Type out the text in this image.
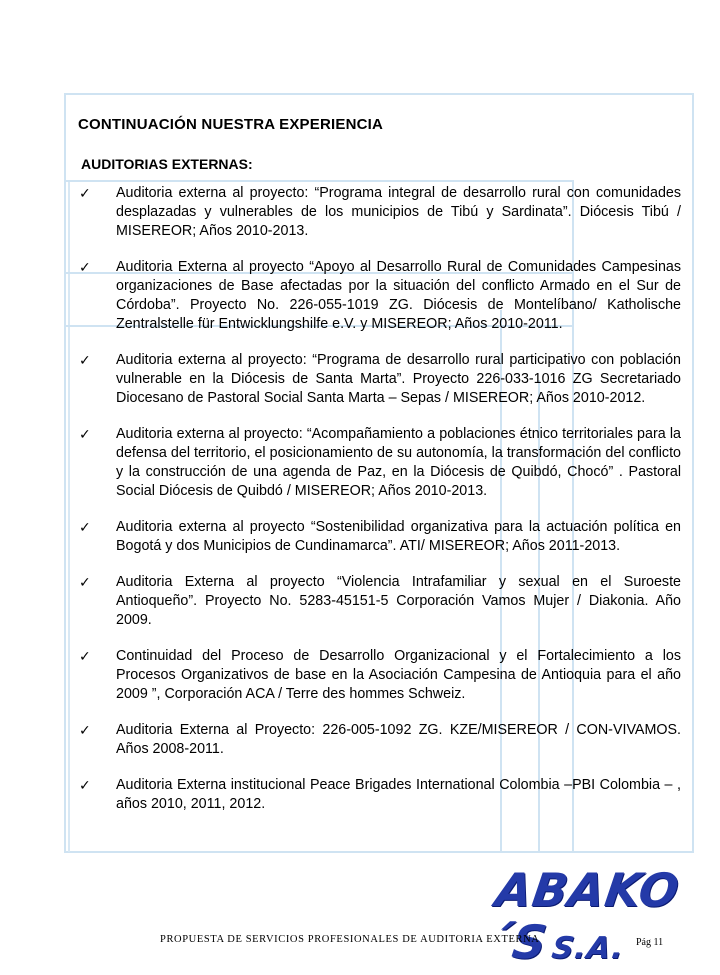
CONTINUACIÓN NUESTRA EXPERIENCIA
AUDITORIAS EXTERNAS:
✓	Auditoria externa al proyecto: “Programa integral de desarrollo rural con comunidades desplazadas y vulnerables de los municipios de Tibú y Sardinata”. Diócesis Tibú / MISEREOR; Años 2010-2013.
✓	Auditoria Externa al proyecto “Apoyo al Desarrollo Rural de Comunidades Campesinas organizaciones de Base afectadas por la situación del conflicto Armado en el Sur de Córdoba”. Proyecto No. 226-055-1019 ZG. Diócesis de Montelíbano/ Katholische Zentralstelle für Entwicklungshilfe e.V. y MISEREOR; Años 2010-2011.
✓	Auditoria externa al proyecto: “Programa de desarrollo rural participativo con población vulnerable en la Diócesis de Santa Marta”. Proyecto 226-033-1016 ZG Secretariado Diocesano de Pastoral Social Santa Marta – Sepas / MISEREOR; Años 2010-2012.
✓	Auditoria externa al proyecto: “Acompañamiento a poblaciones étnico territoriales para la defensa del territorio, el posicionamiento de su autonomía, la transformación del conflicto y la construcción de una agenda de Paz, en la Diócesis de Quibdó, Chocó” . Pastoral Social Diócesis de Quibdó / MISEREOR; Años 2010-2013.
✓	Auditoria externa al proyecto “Sostenibilidad organizativa para la actuación política en Bogotá y dos Municipios de Cundinamarca”. ATI/ MISEREOR; Años 2011-2013.
✓	Auditoria Externa al proyecto “Violencia Intrafamiliar y sexual en el Suroeste Antioqueño”. Proyecto No. 5283-45151-5 Corporación Vamos Mujer / Diakonia. Año 2009.
✓	Continuidad del Proceso de Desarrollo Organizacional y el Fortalecimiento a los Procesos Organizativos de base en la Asociación Campesina de Antioquia para el año 2009 ”, Corporación ACA / Terre des hommes Schweiz.
✓	Auditoria Externa al Proyecto: 226-005-1092 ZG. KZE/MISEREOR / CON-VIVAMOS. Años 2008-2011.
✓	Auditoria Externa institucional Peace Brigades International Colombia –PBI Colombia – , años 2010, 2011, 2012.
ABAKO´SS.A.
PROPUESTA DE SERVICIOS PROFESIONALES DE AUDITORIA EXTERNA	Pág 11
